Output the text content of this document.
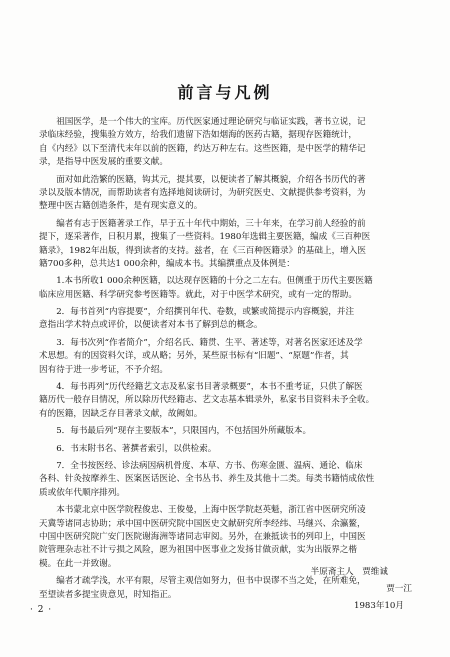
前言与凡例
　　祖国医学，是一个伟大的宝库。历代医家通过理论研究与临证实践，著书立说，记
录临床经验，搜集验方效方，给我们遗留下浩如烟海的医药古籍，据现存医籍统计，
自《内经》以下至清代末年以前的医籍，约达万种左右。这些医籍，是中医学的精华记
录，是指导中医发展的重要文献。
　　面对如此浩繁的医籍，钩其元，提其要，以便读者了解其概貌，介绍各书历代的著
录以及版本情况，而帮助读者有选择地阅读研讨，为研究医史、文献提供参考资料，为
整理中医古籍创造条件，是有现实意义的。
　　编者有志于医籍著录工作，早于五十年代中期始，三十年来，在学习前人经验的前
提下，逐采著作，日积月累，搜集了一些资料。1980年选辑主要医籍，编成《三百种医
籍录》，1982年出版，得到读者的支持。兹者，在《三百种医籍录》的基础上，增入医
籍700多种，总共达1 000余种，编成本书。其编撰重点及体例是：
　　1.本书所收1 000余种医籍，以达现存医籍的十分之二左右。但侧重于历代主要医籍
临床应用医籍、科学研究参考医籍等。就此，对于中医学术研究，或有一定的帮助。
　　2．每书首列“内容提要”，介绍撰刊年代、卷数，或繁或简提示内容概貌，并注
意指出学术特点或评价，以便读者对本书了解到总的概念。
　　3．每书次列“作者简介”，介绍名氏、籍贯、生平、著述等，对著名医家还述及学
术思想。有的因资料欠详，或从略；另外，某些原书标有“旧题”、“原题”作者，其
因有待于进一步考证，不予介绍。
　　4．每书再列“历代经籍艺文志及私家书目著录概要”，本书不重考证，只供了解医
籍历代一般存目情况，所以除历代经籍志、艺文志基本辑录外，私家书目资料未予全收。
有的医籍，因缺乏存目著录文献，故阙如。
　　5．每书最后列“现存主要版本”，只限国内，不包括国外所藏版本。
　　6．书末附书名、著撰者索引，以供检索。
　　7．全书按医经、诊法病因病机骨度、本草、方书、伤寒金匮、温病、通论、临床
各科、针灸按摩养生、医案医话医论、全书丛书、养生及其他十二类。每类书籍悄成依性
质或依年代顺序排列。
　　本书蒙北京中医学院程俊忠、王俊曼，上海中医学院赵英魁，浙江省中医研究所凌
天冀等诸同志协助；承中国中医研究院中国医史文献研究所李经纬、马继兴、余瀛鳌，
中国中医研究院广安门医院谢海洲等诸同志审阅。另外，在兼抵读书的列印上，中国医
院管理杂志社不计亏损之风险，愿为祖国中医事业之发扬甘做贡献，实为出版界之楷
模。在此一并致谢。
　　编者才疏学浅，水平有限，尽管主观信如努力，但书中误谬不当之处，在所难免，
至望读者多提宝贵意见，时知指正。
半原斋主人　贾维诚
贾一江
1983年10月
· 2 ·
